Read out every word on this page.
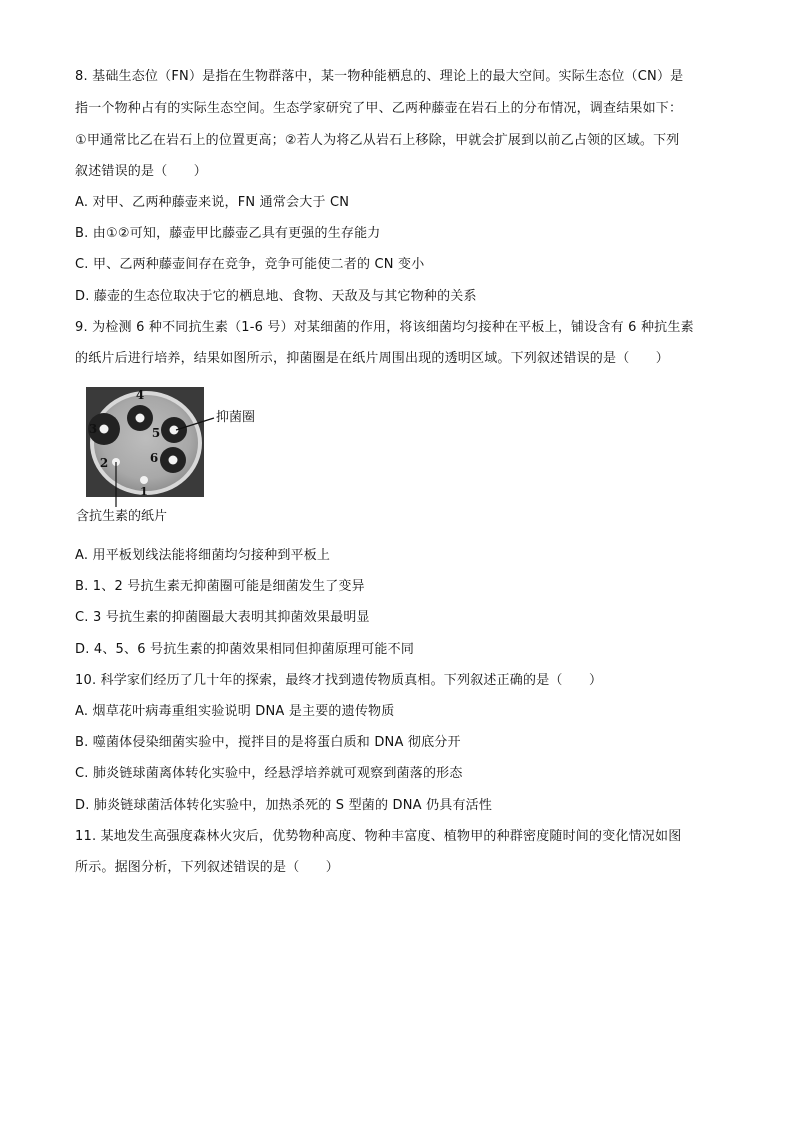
8. 基础生态位（FN）是指在生物群落中，某一物种能栖息的、理论上的最大空间。实际生态位（CN）是
指一个物种占有的实际生态空间。生态学家研究了甲、乙两种藤壶在岩石上的分布情况，调查结果如下：
①甲通常比乙在岩石上的位置更高；②若人为将乙从岩石上移除，甲就会扩展到以前乙占领的区域。下列
叙述错误的是（　　）
A. 对甲、乙两种藤壶来说，FN 通常会大于 CN
B. 由①②可知，藤壶甲比藤壶乙具有更强的生存能力
C. 甲、乙两种藤壶间存在竞争，竞争可能使二者的 CN 变小
D. 藤壶的生态位取决于它的栖息地、食物、天敌及与其它物种的关系
9. 为检测 6 种不同抗生素（1-6 号）对某细菌的作用，将该细菌均匀接种在平板上，铺设含有 6 种抗生素
的纸片后进行培养，结果如图所示，抑菌圈是在纸片周围出现的透明区域。下列叙述错误的是（　　）
4
3	5
6
2
1
抑菌圈
含抗生素的纸片
A. 用平板划线法能将细菌均匀接种到平板上
B. 1、2 号抗生素无抑菌圈可能是细菌发生了变异
C. 3 号抗生素的抑菌圈最大表明其抑菌效果最明显
D. 4、5、6 号抗生素的抑菌效果相同但抑菌原理可能不同
10. 科学家们经历了几十年的探索，最终才找到遗传物质真相。下列叙述正确的是（　　）
A. 烟草花叶病毒重组实验说明 DNA 是主要的遗传物质
B. 噬菌体侵染细菌实验中，搅拌目的是将蛋白质和 DNA 彻底分开
C. 肺炎链球菌离体转化实验中，经悬浮培养就可观察到菌落的形态
D. 肺炎链球菌活体转化实验中，加热杀死的 S 型菌的 DNA 仍具有活性
11. 某地发生高强度森林火灾后，优势物种高度、物种丰富度、植物甲的种群密度随时间的变化情况如图
所示。据图分析，下列叙述错误的是（　　）
